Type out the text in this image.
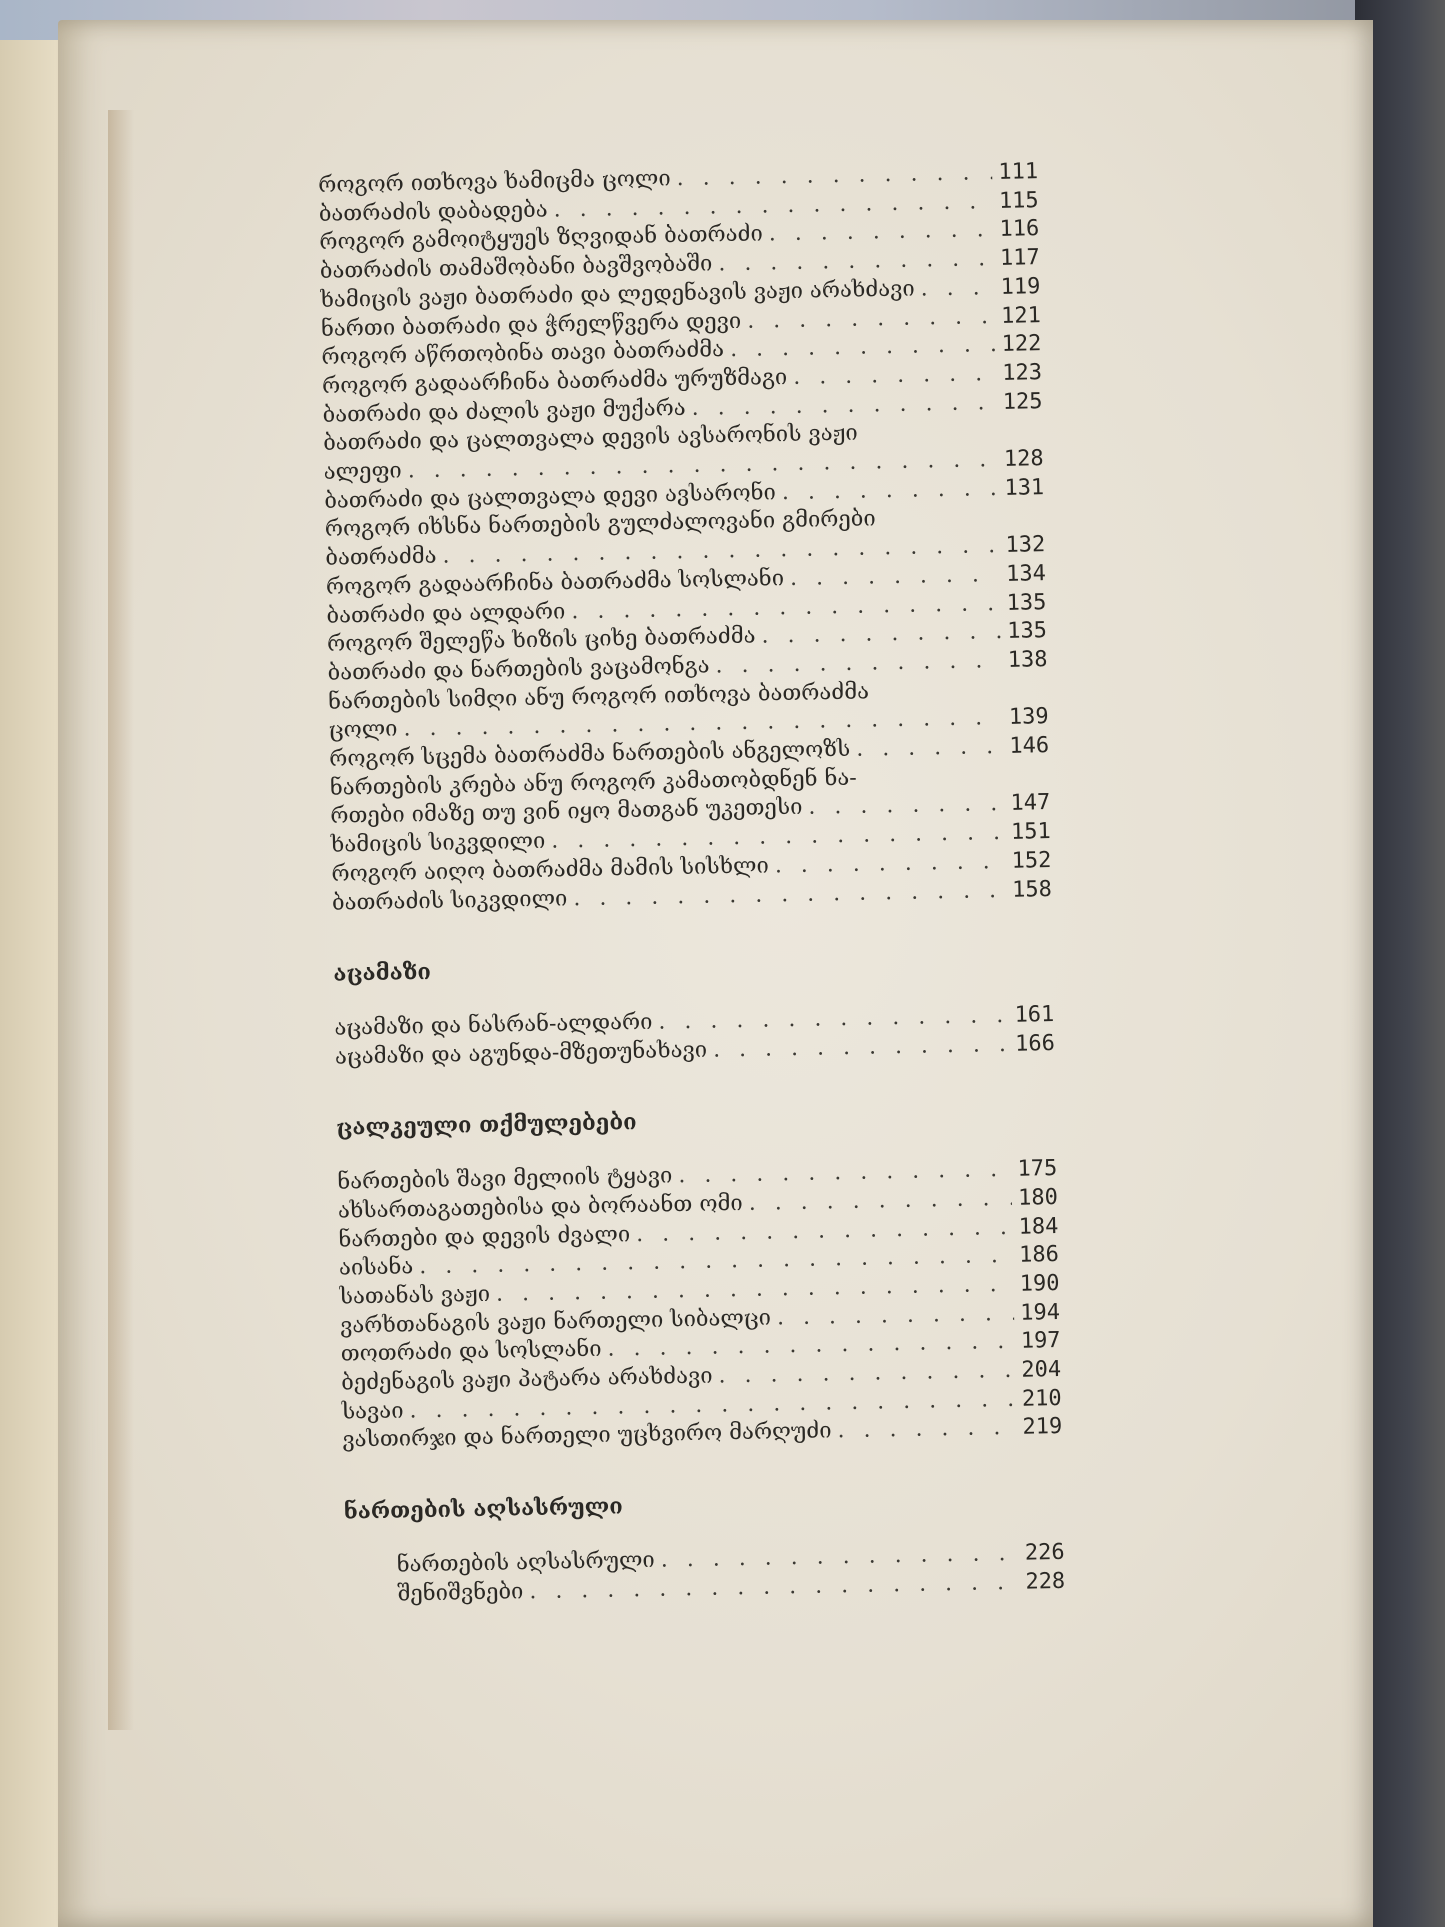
როგორ ითხოვა ხამიცმა ცოლი . . .	111
ბათრაძის დაბადება . . .	115
როგორ გამოიტყუეს ზღვიდან ბათრაძი . . .	116
ბათრაძის თამაშობანი ბავშვობაში . . .	117
ხამიცის ვაჟი ბათრაძი და ლედენავის ვაჟი არახძავი . . .	119
ნართი ბათრაძი და ჭრელწვერა დევი . . .	121
როგორ აწრთობინა თავი ბათრაძმა . . .	122
როგორ გადაარჩინა ბათრაძმა ურუზმაგი . . .	123
ბათრაძი და ძალის ვაჟი მუქარა . . .	125
ბათრაძი და ცალთვალა დევის ავსარონის ვაჟი
ალეფი . . .	128
ბათრაძი და ცალთვალა დევი ავსარონი . . .	131
როგორ იხსნა ნართების გულძალოვანი გმირები
ბათრაძმა . . .	132
როგორ გადაარჩინა ბათრაძმა სოსლანი . . .	134
ბათრაძი და ალდარი . . .	135
როგორ შელეწა ხიზის ციხე ბათრაძმა . . .	135
ბათრაძი და ნართების ვაცამონგა . . .	138
ნართების სიმღი ანუ როგორ ითხოვა ბათრაძმა
ცოლი . . .	139
როგორ სცემა ბათრაძმა ნართების ანგელოზს . . .	146
ნართების კრება ანუ როგორ კამათობდნენ ნა-
რთები იმაზე თუ ვინ იყო მათგან უკეთესი . . .	147
ხამიცის სიკვდილი . . .	151
როგორ აიღო ბათრაძმა მამის სისხლი . . .	152
ბათრაძის სიკვდილი . . .	158
აცამაზი
აცამაზი და ნასრან-ალდარი . . .	161
აცამაზი და აგუნდა-მზეთუნახავი . . .	166
ცალკეული თქმულებები
ნართების შავი მელიის ტყავი . . .	175
ახსართაგათებისა და ბორაანთ ომი . . .	180
ნართები და დევის ძვალი . . .	184
აისანა . . .	186
სათანას ვაჟი . . .	190
ვარხთანაგის ვაჟი ნართელი სიბალცი . . .	194
თოთრაძი და სოსლანი . . .	197
ბეძენაგის ვაჟი პატარა არახძავი . . .	204
სავაი . . .	210
ვასთირჯი და ნართელი უცხვირო მარღუძი . . .	219
ნართების აღსასრული
ნართების აღსასრული . . .	226
შენიშვნები . . .	228
